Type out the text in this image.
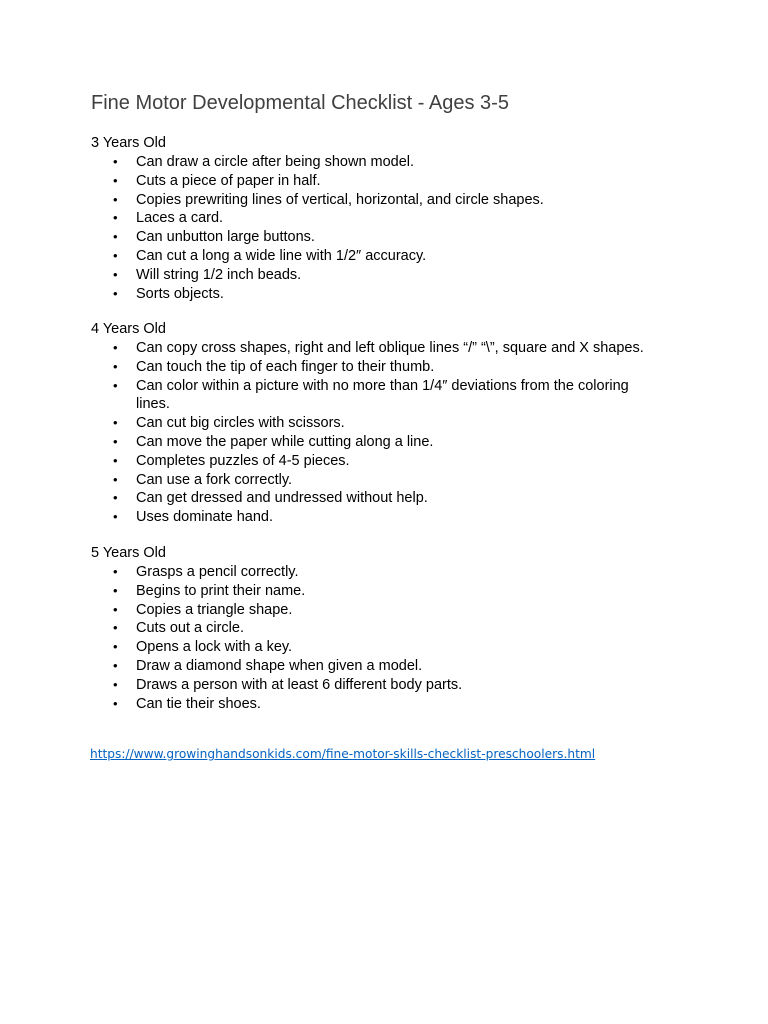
Fine Motor Developmental Checklist - Ages 3-5
3 Years Old
• Can draw a circle after being shown model.
• Cuts a piece of paper in half.
• Copies prewriting lines of vertical, horizontal, and circle shapes.
• Laces a card.
• Can unbutton large buttons.
• Can cut a long a wide line with 1/2″ accuracy.
• Will string 1/2 inch beads.
• Sorts objects.
4 Years Old
• Can copy cross shapes, right and left oblique lines “/” “\”, square and X shapes.
• Can touch the tip of each finger to their thumb.
• Can color within a picture with no more than 1/4″ deviations from the coloring lines.
• Can cut big circles with scissors.
• Can move the paper while cutting along a line.
• Completes puzzles of 4-5 pieces.
• Can use a fork correctly.
• Can get dressed and undressed without help.
• Uses dominate hand.
5 Years Old
• Grasps a pencil correctly.
• Begins to print their name.
• Copies a triangle shape.
• Cuts out a circle.
• Opens a lock with a key.
• Draw a diamond shape when given a model.
• Draws a person with at least 6 different body parts.
• Can tie their shoes.
https://www.growinghandsonkids.com/fine-motor-skills-checklist-preschoolers.html
